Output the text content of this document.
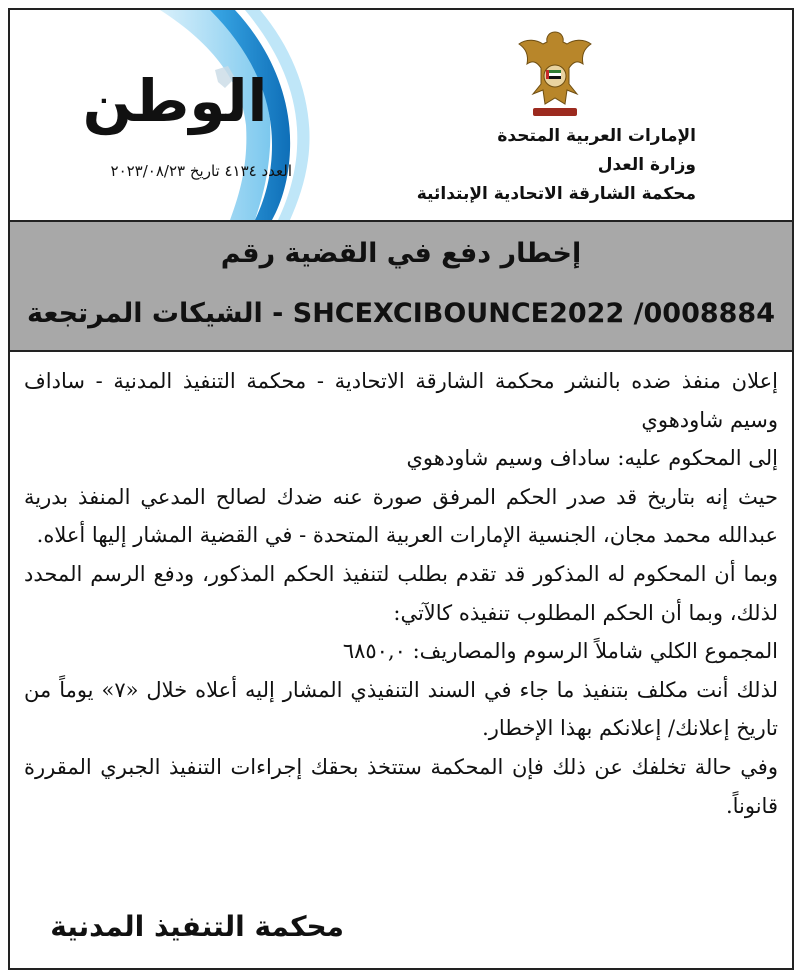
الوطن
العدد ٤١٣٤ تاريخ ٢٠٢٣/٠٨/٢٣
الإمارات العربية المتحدة
وزارة العدل
محكمة الشارقة الاتحادية الإبتدائية
إخطار دفع في القضية رقم
0008884/ SHCEXCIBOUNCE2022 - الشيكات المرتجعة

إعلان منفذ ضده بالنشر محكمة الشارقة الاتحادية - محكمة التنفيذ المدنية - ساداف وسيم شاودهوي

إلى المحكوم عليه: ساداف وسيم شاودهوي

حيث إنه بتاريخ قد صدر الحكم المرفق صورة عنه ضدك لصالح المدعي المنفذ بدرية عبدالله محمد مجان، الجنسية الإمارات العربية المتحدة - في القضية المشار إليها أعلاه.

وبما أن المحكوم له المذكور قد تقدم بطلب لتنفيذ الحكم المذكور، ودفع الرسم المحدد لذلك، وبما أن الحكم المطلوب تنفيذه كالآتي:

المجموع الكلي شاملاً الرسوم والمصاريف: ٦٨٥٠,٠

لذلك أنت مكلف بتنفيذ ما جاء في السند التنفيذي المشار إليه أعلاه خلال «٧» يوماً من تاريخ إعلانك/ إعلانكم بهذا الإخطار.

وفي حالة تخلفك عن ذلك فإن المحكمة ستتخذ بحقك إجراءات التنفيذ الجبري المقررة قانوناً.

محكمة التنفيذ المدنية
